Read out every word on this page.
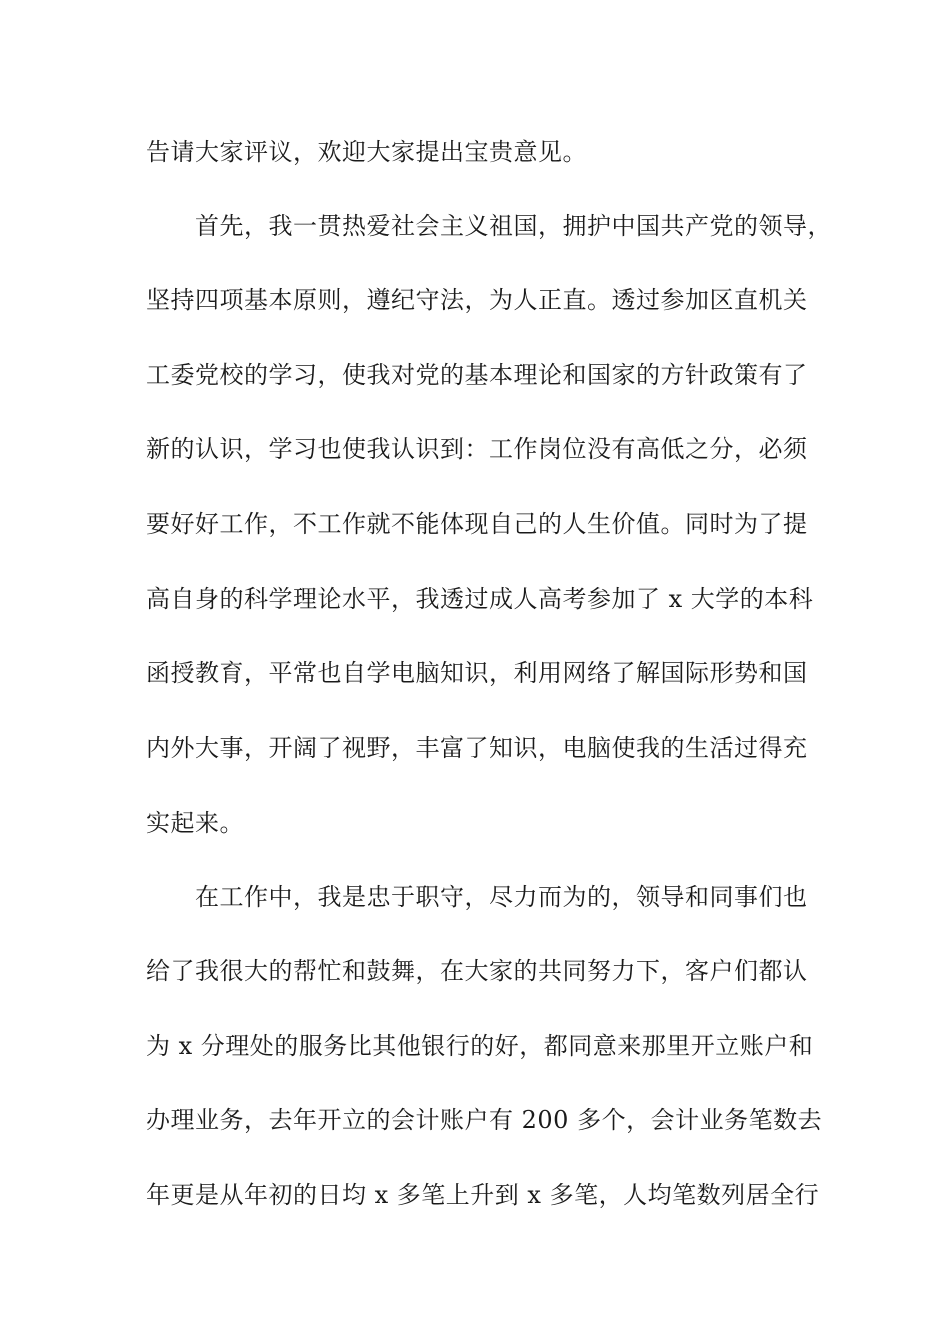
告请大家评议，欢迎大家提出宝贵意见。
首先，我一贯热爱社会主义祖国，拥护中国共产党的领导，
坚持四项基本原则，遵纪守法，为人正直。透过参加区直机关
工委党校的学习，使我对党的基本理论和国家的方针政策有了
新的认识，学习也使我认识到：工作岗位没有高低之分，必须
要好好工作，不工作就不能体现自己的人生价值。同时为了提
高自身的科学理论水平，我透过成人高考参加了 x 大学的本科
函授教育，平常也自学电脑知识，利用网络了解国际形势和国
内外大事，开阔了视野，丰富了知识，电脑使我的生活过得充
实起来。
在工作中，我是忠于职守，尽力而为的，领导和同事们也
给了我很大的帮忙和鼓舞，在大家的共同努力下，客户们都认
为 x 分理处的服务比其他银行的好，都同意来那里开立账户和
办理业务，去年开立的会计账户有 200 多个，会计业务笔数去
年更是从年初的日均 x 多笔上升到 x 多笔，人均笔数列居全行
